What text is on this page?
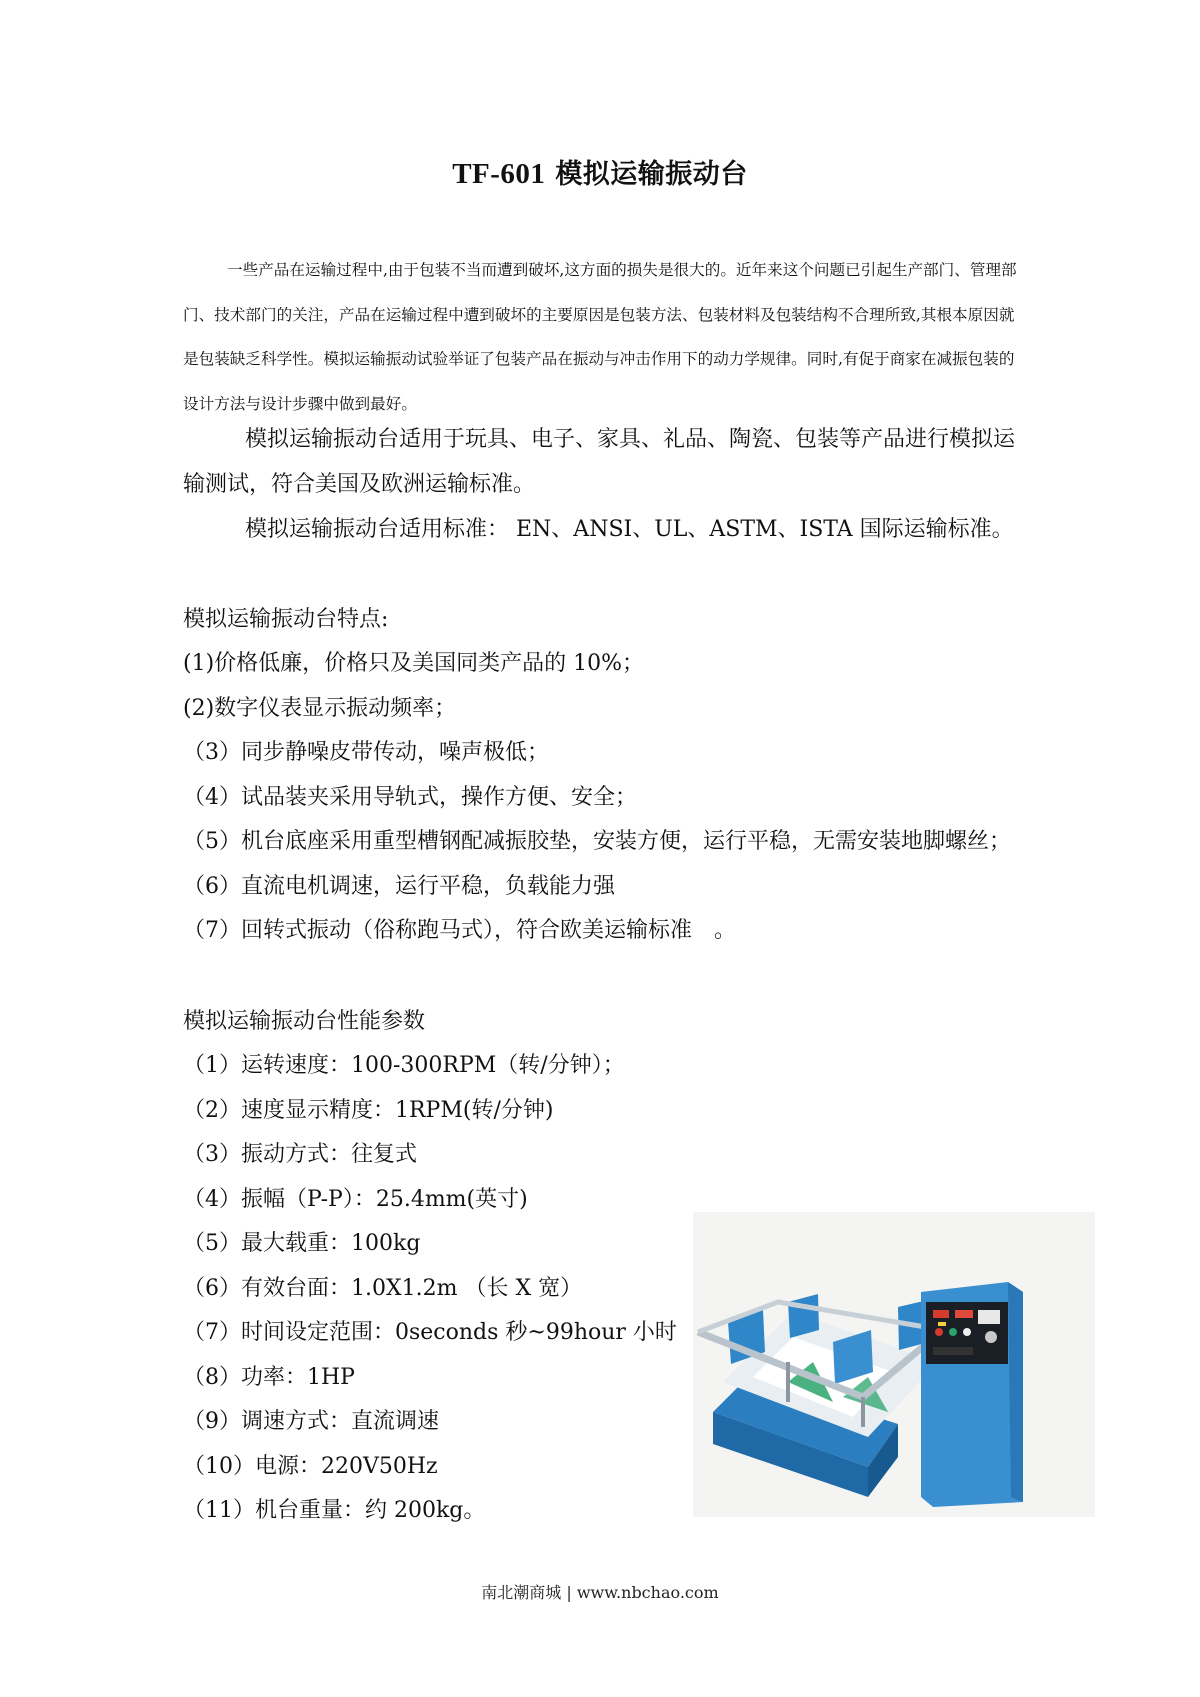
TF-601 模拟运输振动台

一些产品在运输过程中,由于包装不当而遭到破坏,这方面的损失是很大的。近年来这个问题已引起生产部门、管理部门、技术部门的关注，产品在运输过程中遭到破坏的主要原因是包装方法、包装材料及包装结构不合理所致,其根本原因就是包装缺乏科学性。模拟运输振动试验举证了包装产品在振动与冲击作用下的动力学规律。同时,有促于商家在减振包装的设计方法与设计步骤中做到最好。

模拟运输振动台适用于玩具、电子、家具、礼品、陶瓷、包装等产品进行模拟运输测试，符合美国及欧洲运输标准。

模拟运输振动台适用标准： EN、ANSI、UL、ASTM、ISTA 国际运输标准。

模拟运输振动台特点:

(1)价格低廉，价格只及美国同类产品的 10%；
(2)数字仪表显示振动频率；
（3）同步静噪皮带传动，噪声极低；
（4）试品装夹采用导轨式，操作方便、安全；
（5）机台底座采用重型槽钢配减振胶垫，安装方便，运行平稳，无需安装地脚螺丝；
（6）直流电机调速，运行平稳，负载能力强
（7）回转式振动（俗称跑马式），符合欧美运输标准　。

模拟运输振动台性能参数

（1）运转速度：100-300RPM（转/分钟）；
（2）速度显示精度：1RPM(转/分钟)
（3）振动方式：往复式
（4）振幅（P-P）：25.4mm(英寸)
（5）最大载重：100kg
（6）有效台面：1.0X1.2m （长 X 宽）
（7）时间设定范围：0seconds 秒~99hour 小时
（8）功率：1HP
（9）调速方式：直流调速
（10）电源：220V50Hz
（11）机台重量：约 200kg。
南北潮商城 | www.nbchao.com
